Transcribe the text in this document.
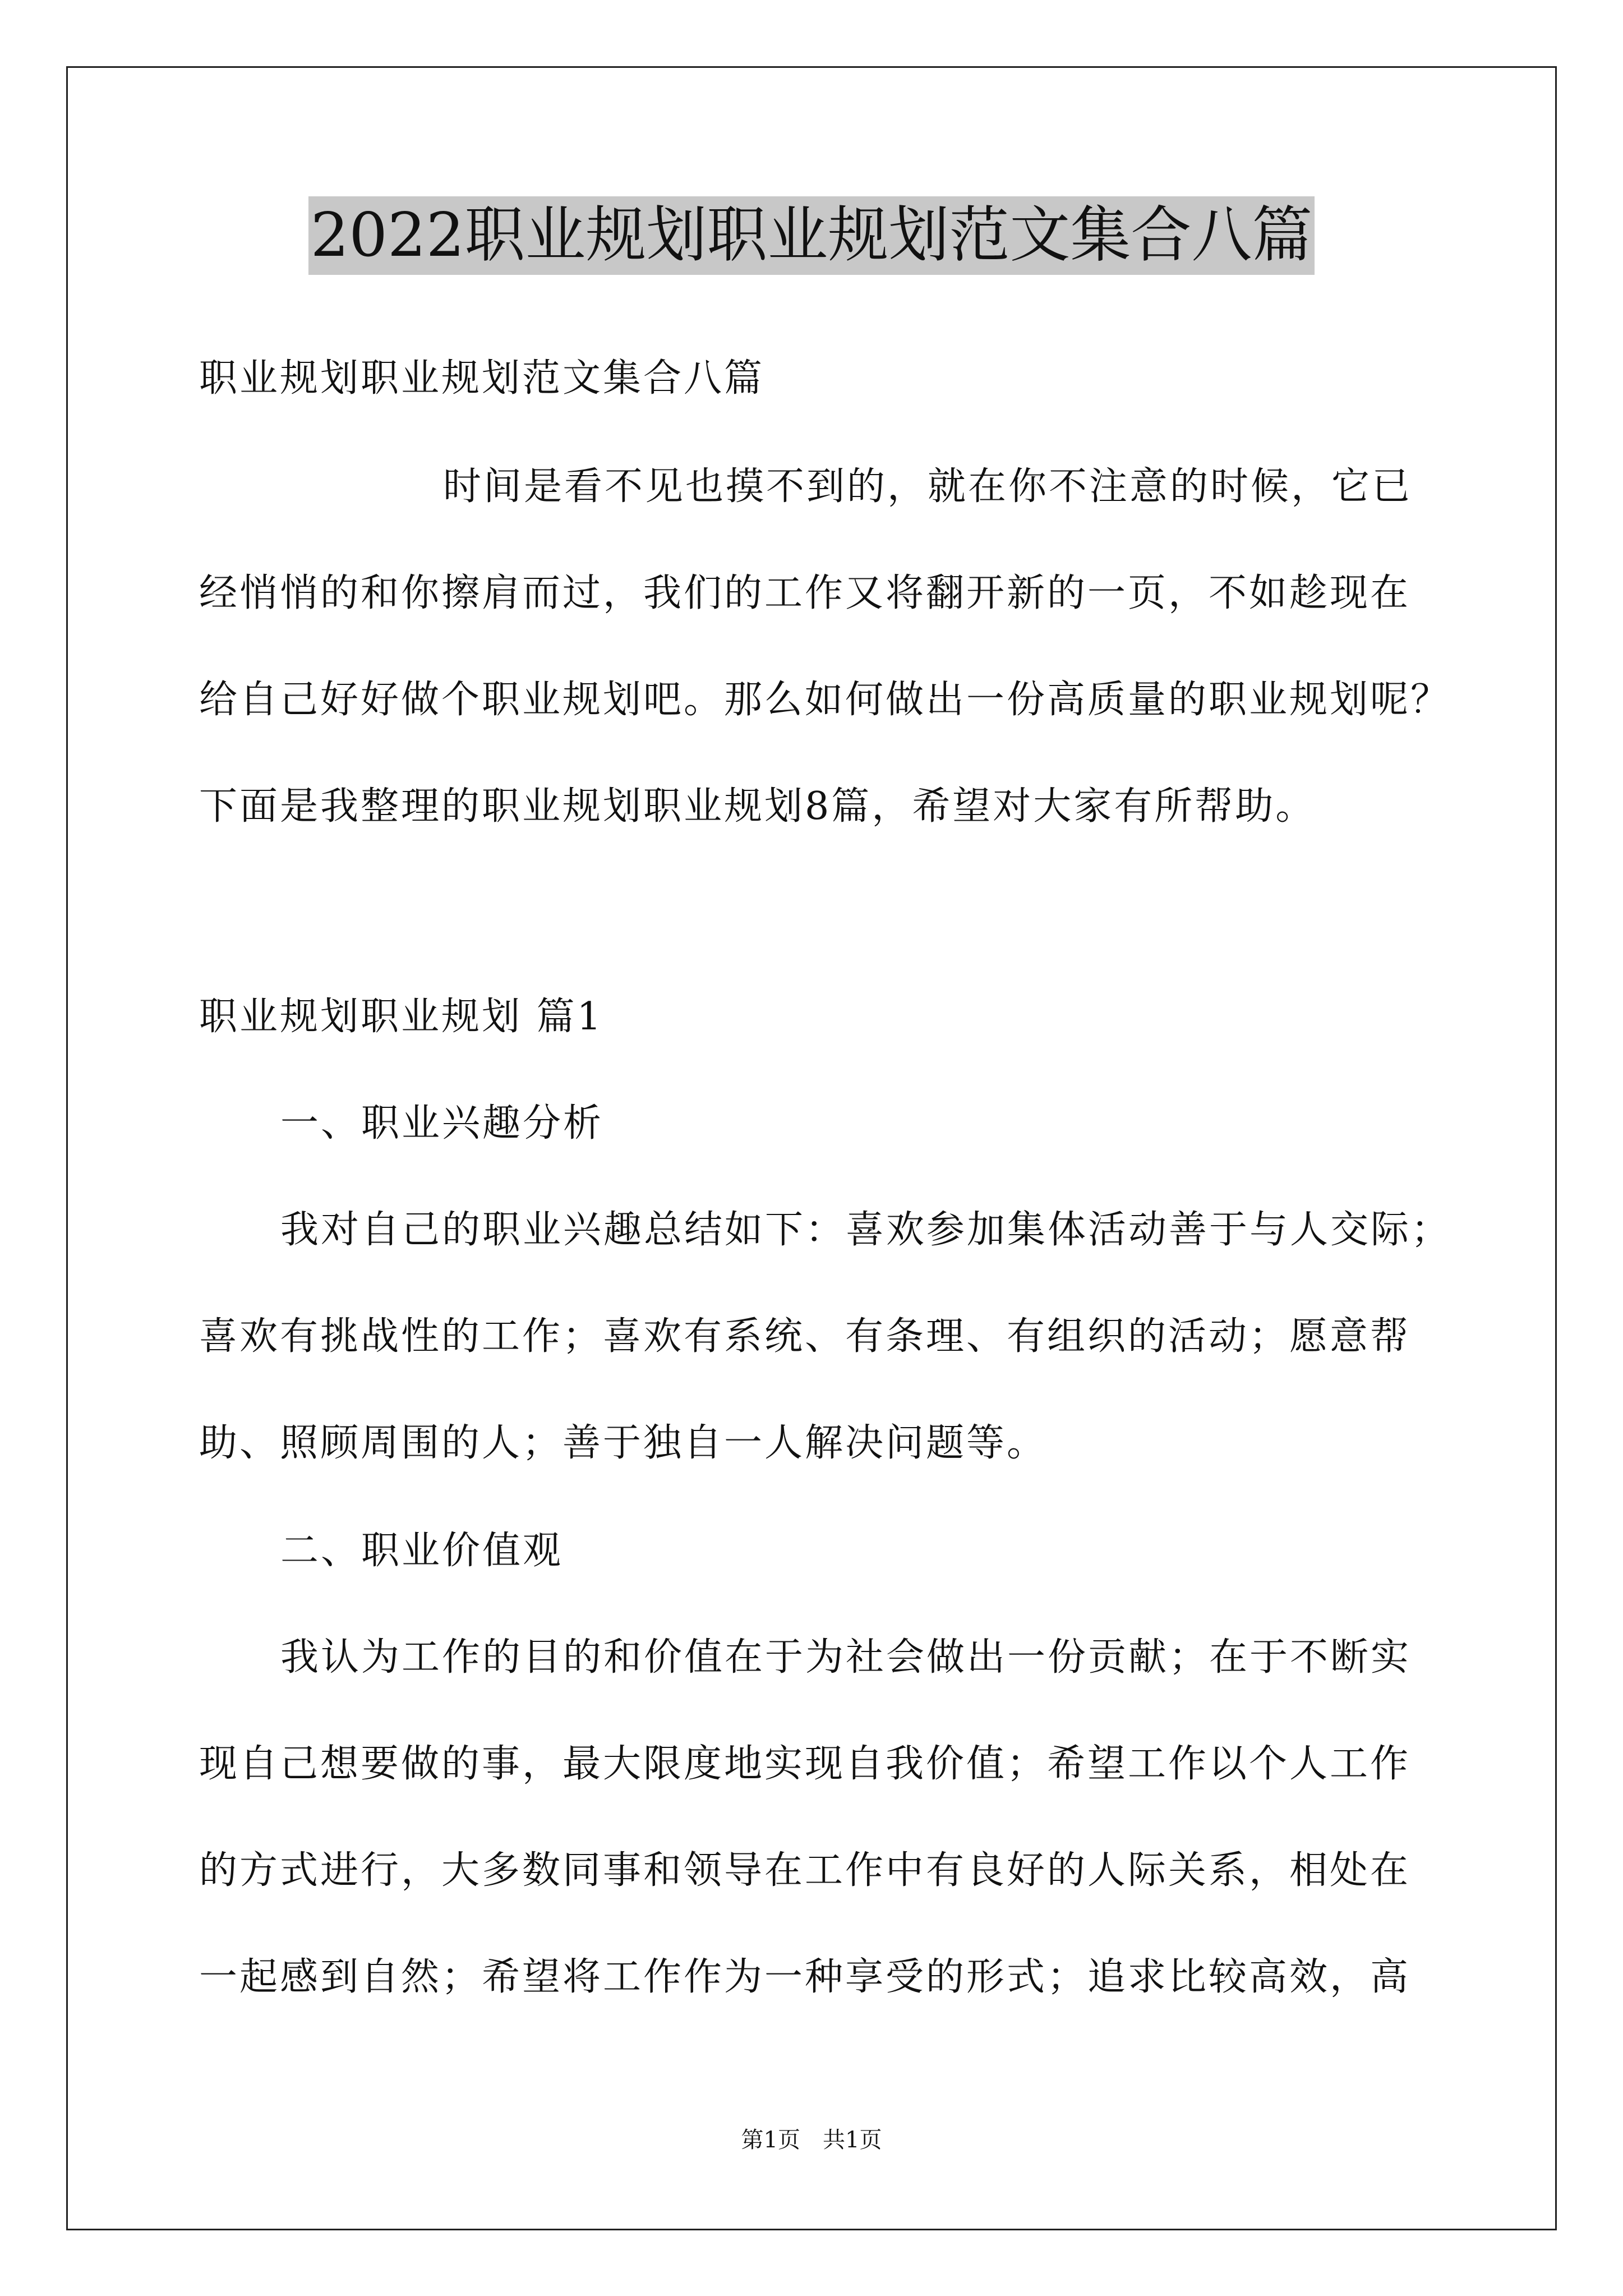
2022职业规划职业规划范文集合八篇
职业规划职业规划范文集合八篇
时间是看不见也摸不到的，就在你不注意的时候，它已
经悄悄的和你擦肩而过，我们的工作又将翻开新的一页，不如趁现在
给自己好好做个职业规划吧。那么如何做出一份高质量的职业规划呢？
下面是我整理的职业规划职业规划8篇，希望对大家有所帮助。
职业规划职业规划 篇1
一、职业兴趣分析
我对自己的职业兴趣总结如下：喜欢参加集体活动善于与人交际；
喜欢有挑战性的工作；喜欢有系统、有条理、有组织的活动；愿意帮
助、照顾周围的人；善于独自一人解决问题等。
二、职业价值观
我认为工作的目的和价值在于为社会做出一份贡献；在于不断实
现自己想要做的事，最大限度地实现自我价值；希望工作以个人工作
的方式进行，大多数同事和领导在工作中有良好的人际关系，相处在
一起感到自然；希望将工作作为一种享受的形式；追求比较高效，高
第1页　共1页
